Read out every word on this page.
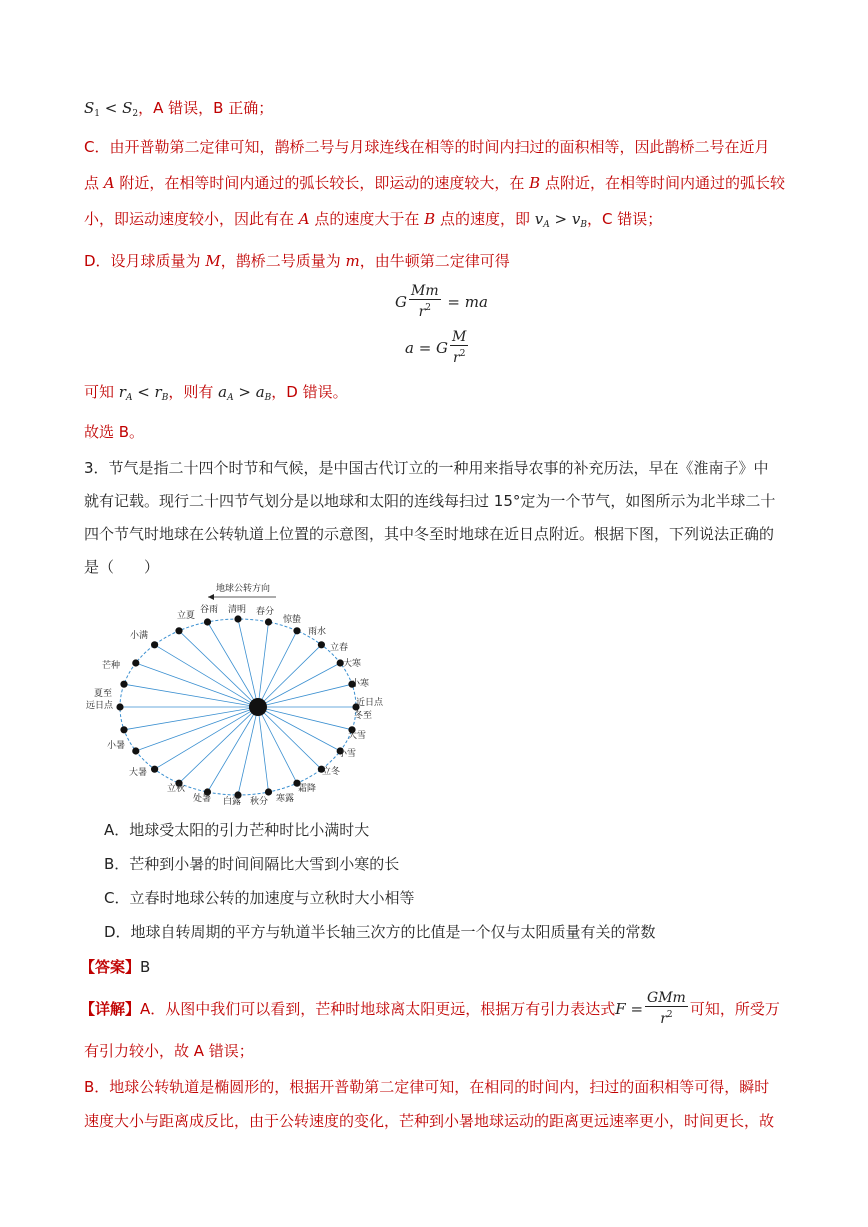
$S_1 < S_2$，A 错误，B 正确；
C．由开普勒第二定律可知，鹊桥二号与月球连线在相等的时间内扫过的面积相等，因此鹊桥二号在近月
点 A 附近，在相等时间内通过的弧长较长，即运动的速度较大，在 B 点附近，在相等时间内通过的弧长较
小，即运动速度较小，因此有在 A 点的速度大于在 B 点的速度，即 $v_A > v_B$，C 错误；
D．设月球质量为 M，鹊桥二号质量为 m，由牛顿第二定律可得
G $\frac{Mm}{r^2}$ = ma
a = G $\frac{M}{r^2}$
可知 $r_A < r_B$，则有 $a_A > a_B$，D 错误。
故选 B。
3．节气是指二十四个时节和气候，是中国古代订立的一种用来指导农事的补充历法，早在《淮南子》中
就有记载。现行二十四节气划分是以地球和太阳的连线每扫过 15°定为一个节气，如图所示为北半球二十
四个节气时地球在公转轨道上位置的示意图，其中冬至时地球在近日点附近。根据下图，下列说法正确的
是（　　）
地球公转方向
立夏
谷雨 清明 春分
惊蛰
雨水
立春
大寒
小寒
近日点
冬至
大雪
小雪
立冬
霜降
寒露
秋分
白露
处暑
立秋
大暑
小暑
夏至
远日点
芒种
小满
A．地球受太阳的引力芒种时比小满时大
B．芒种到小暑的时间间隔比大雪到小寒的长
C．立春时地球公转的加速度与立秋时大小相等
D．地球自转周期的平方与轨道半长轴三次方的比值是一个仅与太阳质量有关的常数
【答案】B
【详解】 A．从图中我们可以看到，芒种时地球离太阳更远，根据万有引力表达式 $F = \frac{\text{GMm}}{r^2}$ 可知，所受万
有引力较小，故 A 错误；
B．地球公转轨道是椭圆形的，根据开普勒第二定律可知，在相同的时间内，扫过的面积相等可得，瞬时
速度大小与距离成反比，由于公转速度的变化，芒种到小暑地球运动的距离更远速率更小，时间更长，故
